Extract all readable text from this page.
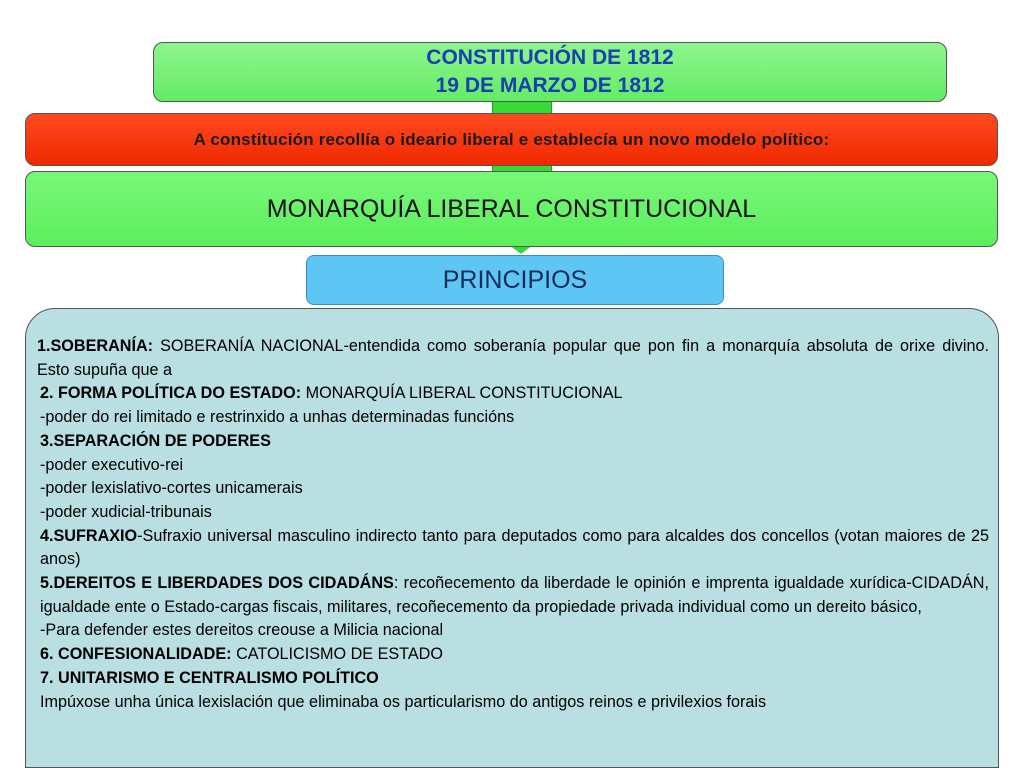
CONSTITUCIÓN DE 1812
19 DE MARZO DE 1812
A constitución recollía o ideario liberal e establecía un novo modelo político:
MONARQUÍA LIBERAL CONSTITUCIONAL
PRINCIPIOS

1.SOBERANÍA: SOBERANÍA NACIONAL-entendida como soberanía popular que pon fin a monarquía absoluta de orixe divino. Esto supuña que a

2. FORMA POLÍTICA DO ESTADO: MONARQUÍA LIBERAL CONSTITUCIONAL

-poder do rei limitado e restrinxido a unhas determinadas funcións

3.SEPARACIÓN DE PODERES

-poder executivo-rei

-poder lexislativo-cortes unicamerais

-poder xudicial-tribunais

4.SUFRAXIO-Sufraxio universal masculino indirecto tanto para deputados como para alcaldes dos concellos (votan maiores de 25 anos)

5.DEREITOS E LIBERDADES DOS CIDADÁNS: recoñecemento da liberdade le opinión e imprenta igualdade xurídica-CIDADÁN, igualdade ente o Estado-cargas fiscais, militares, recoñecemento da propiedade privada individual como un dereito básico,

-Para defender estes dereitos creouse a Milicia nacional

6. CONFESIONALIDADE: CATOLICISMO DE ESTADO

7. UNITARISMO E CENTRALISMO POLÍTICO

Impúxose unha única lexislación que eliminaba os particularismo do antigos reinos e privilexios forais
